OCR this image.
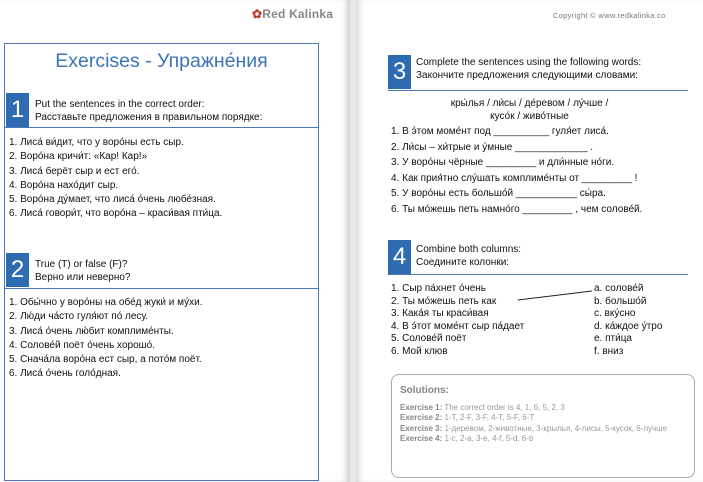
✿Red Kalinka
Exercises - Упражне́ния
1	Put the sentences in the correct order:
Расставьте предложения в правильном порядке:
1. Лиса́ ви́дит, что у воро́ны есть сыр.
2. Воро́на кричи́т: «Кар! Кар!»
3. Лиса́ берёт сыр и ест его́.
4. Воро́на нахо́дит сыр.
5. Воро́на ду́мает, что лиса́ о́чень любе́зная.
6. Лиса́ говори́т, что воро́на – краси́вая пти́ца.
2	True (T) or false (F)?
Верно или неверно?
1. Обы́чно у воро́ны на обе́д жуки́ и му́хи.
2. Лю́ди ча́сто гуля́ют по́ лесу.
3. Лиса́ о́чень лю́бит комплиме́нты.
4. Солове́й поёт о́чень хорошо́.
5. Снача́ла воро́на ест сыр, а пото́м поёт.
6. Лиса́ о́чень голо́дная.
Copyright © www.redkalinka.co
3 Complete the sentences using the following words:
Закончите предложения следующими словами:
кры́лья / ли́сы / де́ревом / лу́чше /
кусо́к / живо́тные
1. В э́том моме́нт под __________ гуля́ет лиса́.
2. Ли́сы – хи́трые и у́мные _____________ .
3. У воро́ны чёрные _________ и дли́нные но́ги.
4. Как прия́тно слу́шать комплиме́нты от _________ !
5. У воро́ны есть большо́й ___________ сы́ра.
6. Ты мо́жешь петь намно́го _________ , чем солове́й.
4 Combine both columns:
Соедините колонки:
1. Сыр па́хнет о́чень
2. Ты мо́жешь петь как
3. Кака́я ты краси́вая
4. В э́тот моме́нт сыр па́дает
5. Солове́й поёт
6. Мой клюв
a. солове́й
b. большо́й
c. вку́сно
d. ка́ждое у́тро
e. пти́ца
f. вниз
Solutions:
Exercise 1: The correct order is 4, 1, 6, 5, 2, 3
Exercise 2: 1-T, 2-F, 3-F, 4-T, 5-F, 6-T
Exercise 3: 1-деревом, 2-животные, 3-крылья, 4-лисы, 5-кусок, 6-лучше
Exercise 4: 1-c, 2-a, 3-e, 4-f, 5-d, 6-b
